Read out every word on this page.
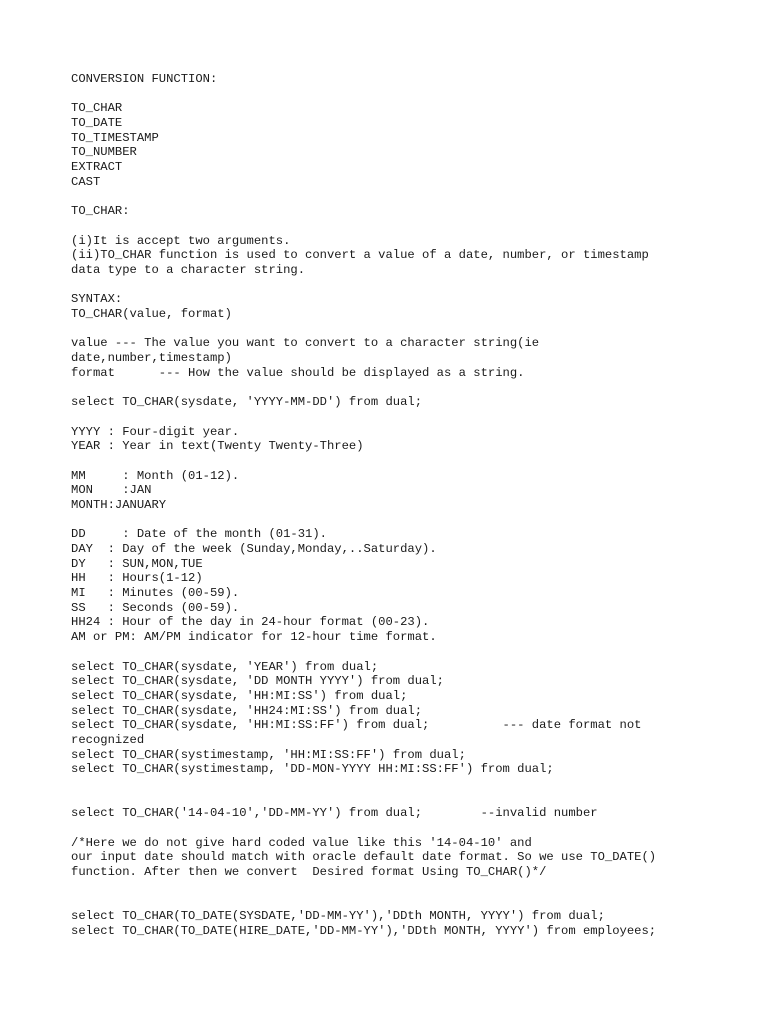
CONVERSION FUNCTION:
TO_CHAR
TO_DATE
TO_TIMESTAMP
TO_NUMBER
EXTRACT
CAST
TO_CHAR:
(i)It is accept two arguments.
(ii)TO_CHAR function is used to convert a value of a date, number, or timestamp
data type to a character string.
SYNTAX:
TO_CHAR(value, format)
value --- The value you want to convert to a character string(ie
date,number,timestamp)
format      --- How the value should be displayed as a string.
select TO_CHAR(sysdate, 'YYYY-MM-DD') from dual;
YYYY : Four-digit year.
YEAR : Year in text(Twenty Twenty-Three)
MM     : Month (01-12).
MON    :JAN
MONTH:JANUARY
DD     : Date of the month (01-31).
DAY  : Day of the week (Sunday,Monday,..Saturday).
DY   : SUN,MON,TUE
HH   : Hours(1-12)
MI   : Minutes (00-59).
SS   : Seconds (00-59).
HH24 : Hour of the day in 24-hour format (00-23).
AM or PM: AM/PM indicator for 12-hour time format.
select TO_CHAR(sysdate, 'YEAR') from dual;
select TO_CHAR(sysdate, 'DD MONTH YYYY') from dual;
select TO_CHAR(sysdate, 'HH:MI:SS') from dual;
select TO_CHAR(sysdate, 'HH24:MI:SS') from dual;
select TO_CHAR(sysdate, 'HH:MI:SS:FF') from dual;          --- date format not
recognized
select TO_CHAR(systimestamp, 'HH:MI:SS:FF') from dual;
select TO_CHAR(systimestamp, 'DD-MON-YYYY HH:MI:SS:FF') from dual;
select TO_CHAR('14-04-10','DD-MM-YY') from dual;        --invalid number
/*Here we do not give hard coded value like this '14-04-10' and
our input date should match with oracle default date format. So we use TO_DATE()
function. After then we convert  Desired format Using TO_CHAR()*/
select TO_CHAR(TO_DATE(SYSDATE,'DD-MM-YY'),'DDth MONTH, YYYY') from dual;
select TO_CHAR(TO_DATE(HIRE_DATE,'DD-MM-YY'),'DDth MONTH, YYYY') from employees;
